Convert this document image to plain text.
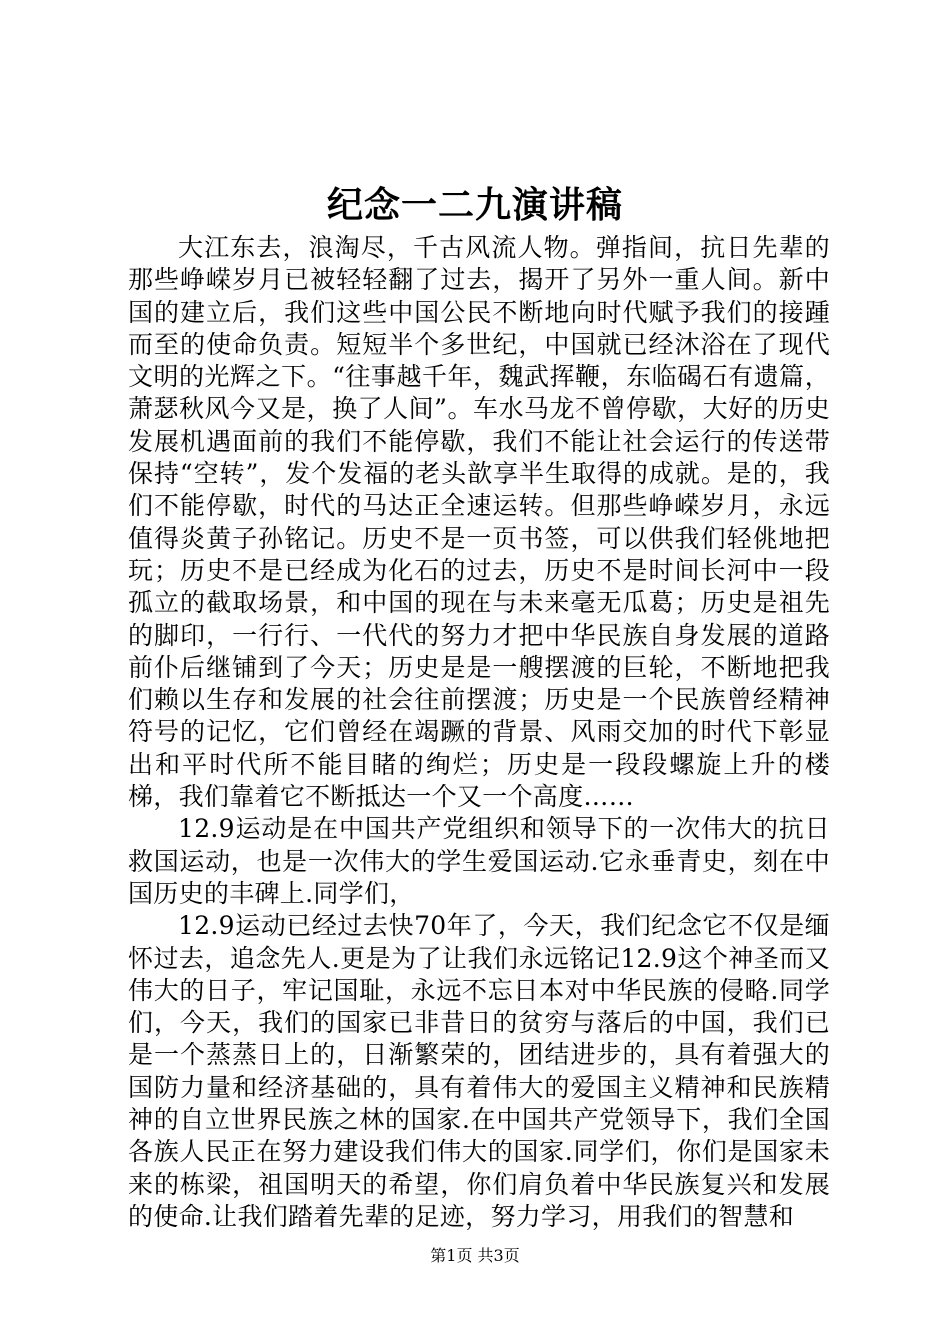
纪念一二九演讲稿

大江东去，浪淘尽，千古风流人物。弹指间，抗日先辈的那些峥嵘岁月已被轻轻翻了过去，揭开了另外一重人间。新中国的建立后，我们这些中国公民不断地向时代赋予我们的接踵而至的使命负责。短短半个多世纪，中国就已经沐浴在了现代文明的光辉之下。“往事越千年，魏武挥鞭，东临碣石有遗篇，萧瑟秋风今又是，换了人间”。车水马龙不曾停歇，大好的历史发展机遇面前的我们不能停歇，我们不能让社会运行的传送带保持“空转”，发个发福的老头歆享半生取得的成就。是的，我们不能停歇，时代的马达正全速运转。但那些峥嵘岁月，永远值得炎黄子孙铭记。历史不是一页书签，可以供我们轻佻地把玩；历史不是已经成为化石的过去，历史不是时间长河中一段孤立的截取场景，和中国的现在与未来毫无瓜葛；历史是祖先的脚印，一行行、一代代的努力才把中华民族自身发展的道路前仆后继铺到了今天；历史是是一艘摆渡的巨轮，不断地把我们赖以生存和发展的社会往前摆渡；历史是一个民族曾经精神符号的记忆，它们曾经在竭蹶的背景、风雨交加的时代下彰显出和平时代所不能目睹的绚烂；历史是一段段螺旋上升的楼梯，我们靠着它不断抵达一个又一个高度……

12.9运动是在中国共产党组织和领导下的一次伟大的抗日救国运动，也是一次伟大的学生爱国运动.它永垂青史，刻在中国历史的丰碑上.同学们，

12.9运动已经过去快70年了，今天，我们纪念它不仅是缅怀过去，追念先人.更是为了让我们永远铭记12.9这个神圣而又伟大的日子，牢记国耻，永远不忘日本对中华民族的侵略.同学们，今天，我们的国家已非昔日的贫穷与落后的中国，我们已是一个蒸蒸日上的，日渐繁荣的，团结进步的，具有着强大的国防力量和经济基础的，具有着伟大的爱国主义精神和民族精神的自立世界民族之林的国家.在中国共产党领导下，我们全国各族人民正在努力建设我们伟大的国家.同学们，你们是国家未来的栋梁，祖国明天的希望，你们肩负着中华民族复兴和发展的使命.让我们踏着先辈的足迹，努力学习，用我们的智慧和

第1页 共3页
